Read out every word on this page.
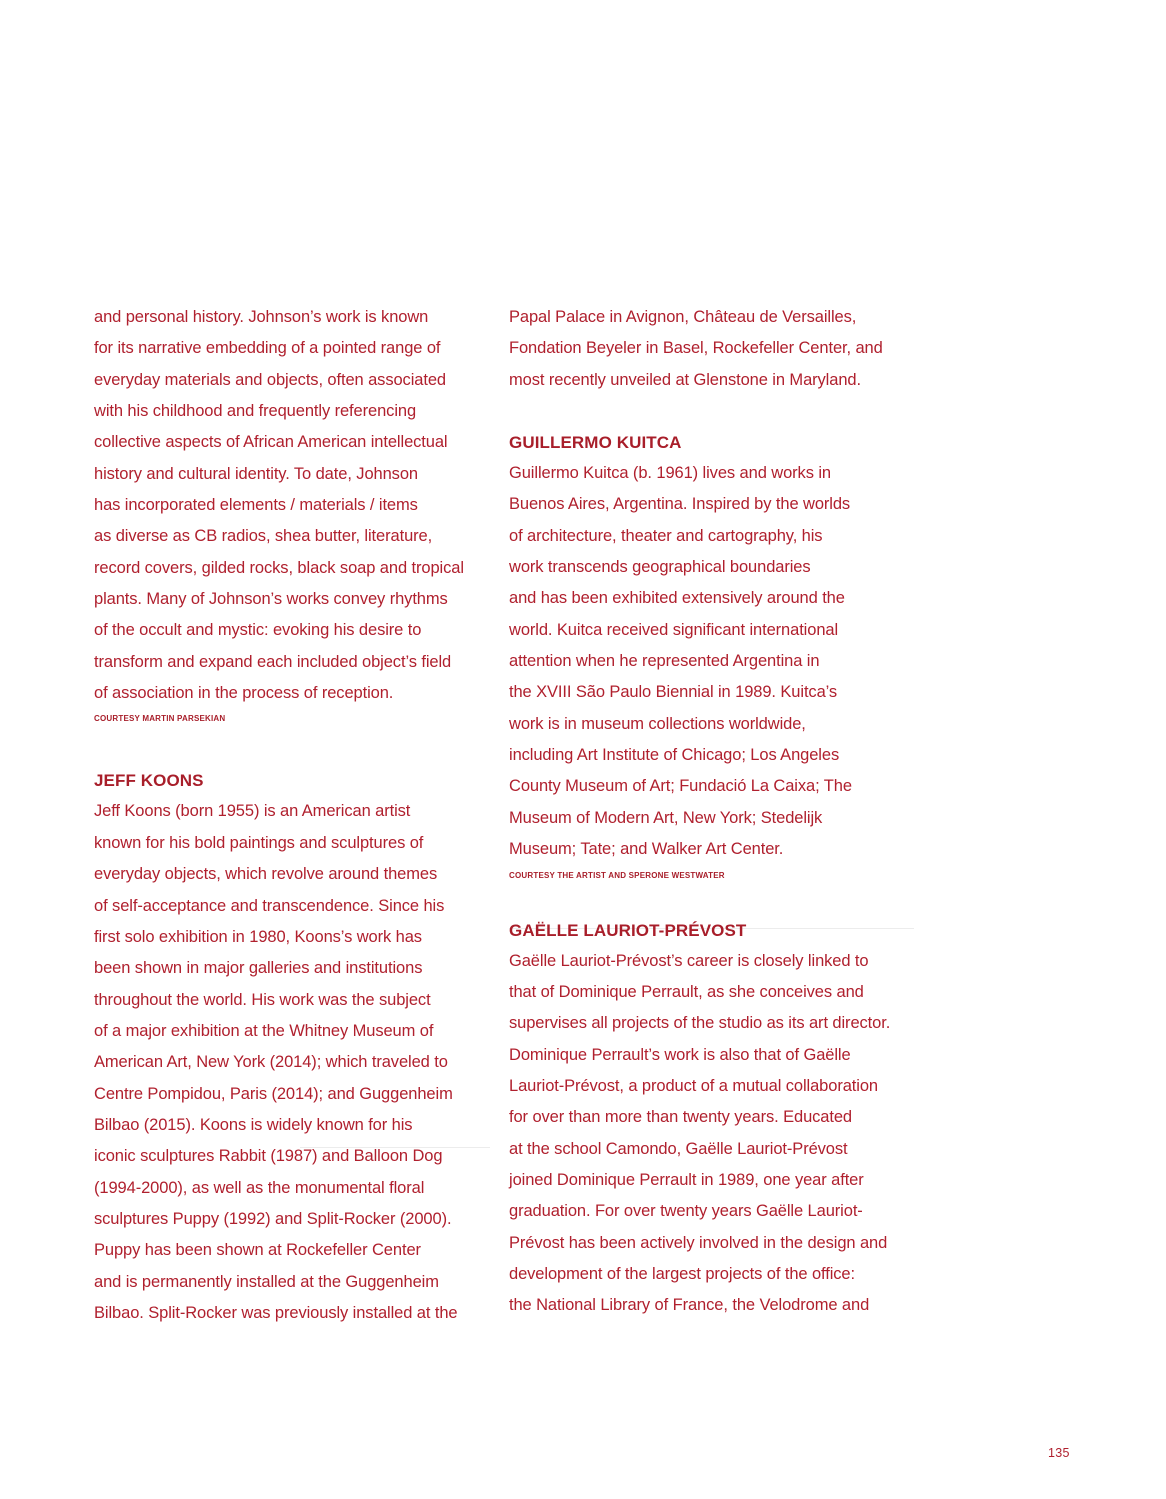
and personal history. Johnson’s work is known
for its narrative embedding of a pointed range of
everyday materials and objects, often associated
with his childhood and frequently referencing
collective aspects of African American intellectual
history and cultural identity. To date, Johnson
has incorporated elements / materials / items
as diverse as CB radios, shea butter, literature,
record covers, gilded rocks, black soap and tropical
plants. Many of Johnson’s works convey rhythms
of the occult and mystic: evoking his desire to
transform and expand each included object’s field
of association in the process of reception.
COURTESY MARTIN PARSEKIAN
JEFF KOONS
Jeff Koons (born 1955) is an American artist
known for his bold paintings and sculptures of
everyday objects, which revolve around themes
of self-acceptance and transcendence. Since his
first solo exhibition in 1980, Koons’s work has
been shown in major galleries and institutions
throughout the world. His work was the subject
of a major exhibition at the Whitney Museum of
American Art, New York (2014); which traveled to
Centre Pompidou, Paris (2014); and Guggenheim
Bilbao (2015). Koons is widely known for his
iconic sculptures Rabbit (1987) and Balloon Dog
(1994-2000), as well as the monumental floral
sculptures Puppy (1992) and Split-Rocker (2000).
Puppy has been shown at Rockefeller Center
and is permanently installed at the Guggenheim
Bilbao. Split-Rocker was previously installed at the
Papal Palace in Avignon, Château de Versailles,
Fondation Beyeler in Basel, Rockefeller Center, and
most recently unveiled at Glenstone in Maryland.
GUILLERMO KUITCA
Guillermo Kuitca (b. 1961) lives and works in
Buenos Aires, Argentina. Inspired by the worlds
of architecture, theater and cartography, his
work transcends geographical boundaries
and has been exhibited extensively around the
world. Kuitca received significant international
attention when he represented Argentina in
the XVIII São Paulo Biennial in 1989. Kuitca’s
work is in museum collections worldwide,
including Art Institute of Chicago; Los Angeles
County Museum of Art; Fundació La Caixa; The
Museum of Modern Art, New York; Stedelijk
Museum; Tate; and Walker Art Center.
COURTESY THE ARTIST AND SPERONE WESTWATER
GAËLLE LAURIOT-PRÉVOST
Gaëlle Lauriot-Prévost’s career is closely linked to
that of Dominique Perrault, as she conceives and
supervises all projects of the studio as its art director.
Dominique Perrault’s work is also that of Gaëlle
Lauriot-Prévost, a product of a mutual collaboration
for over than more than twenty years. Educated
at the school Camondo, Gaëlle Lauriot-Prévost
joined Dominique Perrault in 1989, one year after
graduation. For over twenty years Gaëlle Lauriot-
Prévost has been actively involved in the design and
development of the largest projects of the office:
the National Library of France, the Velodrome and
135
